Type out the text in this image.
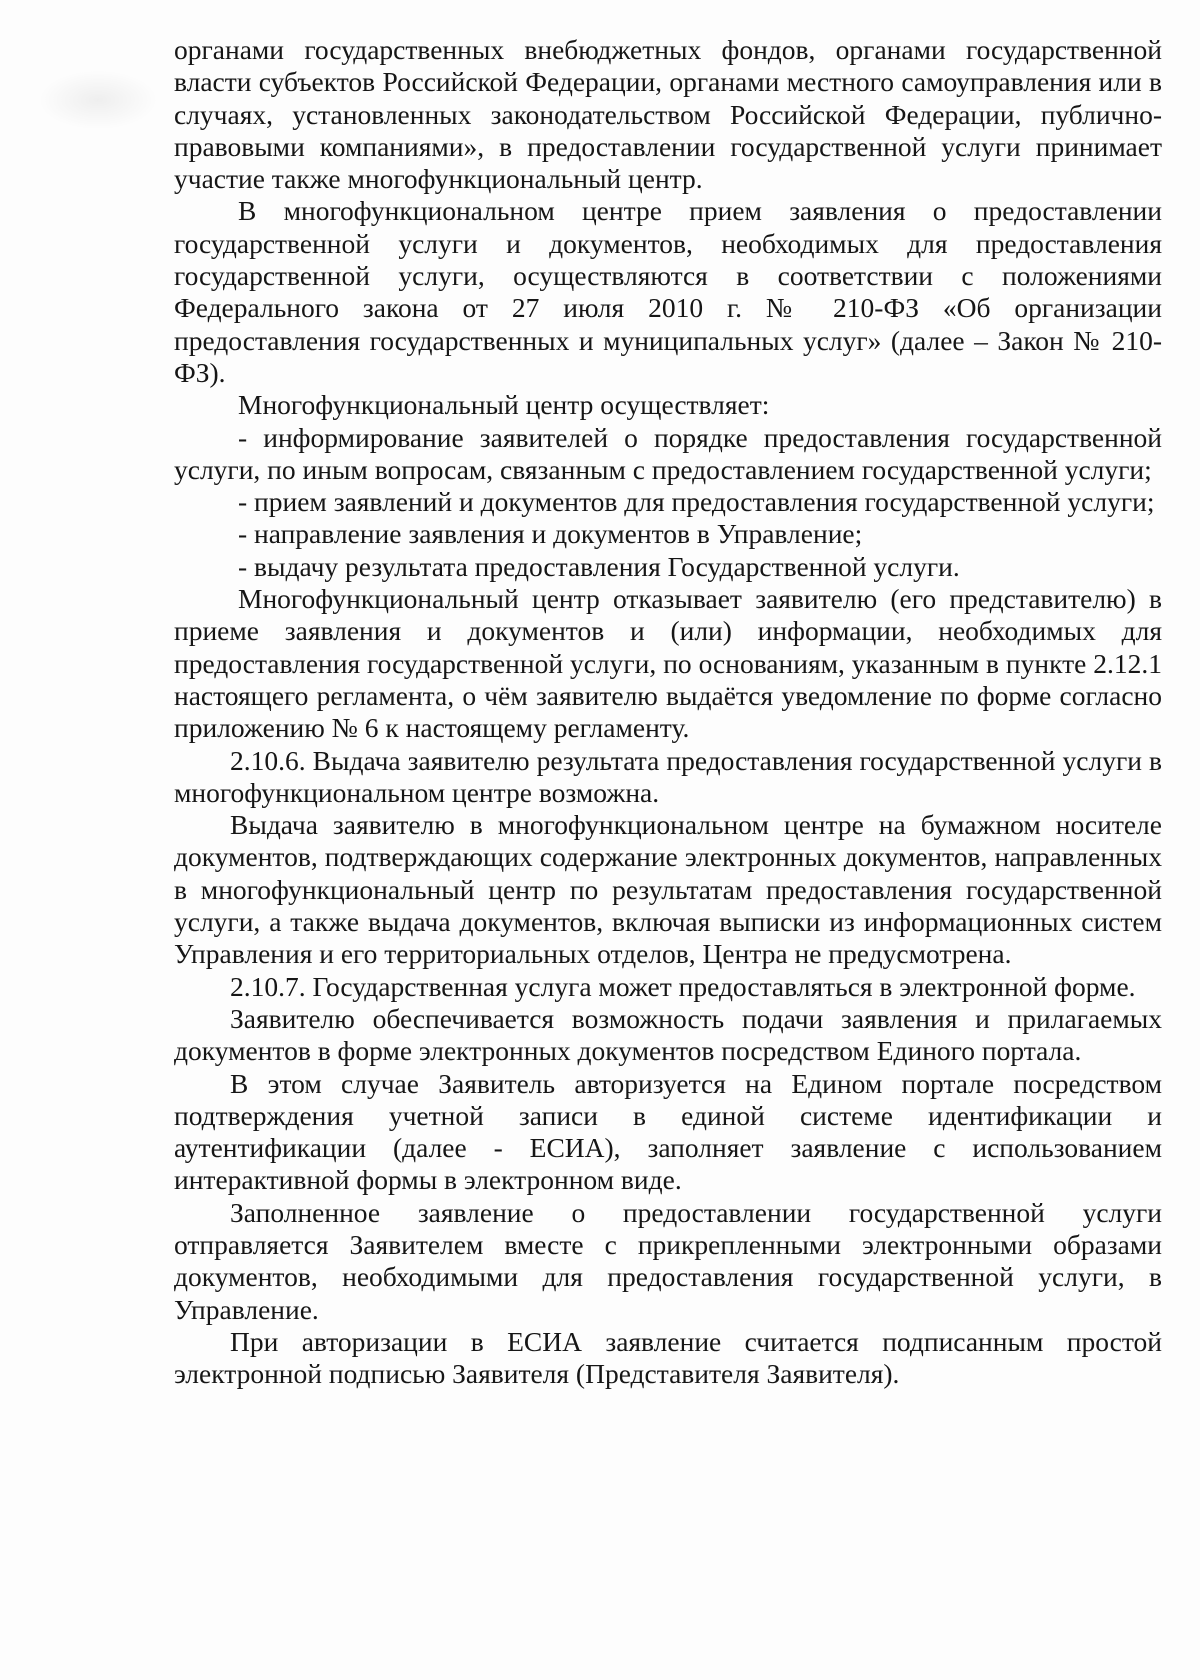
органами государственных внебюджетных фондов, органами государственной власти субъектов Российской Федерации, органами местного самоуправления или в случаях, установленных законодательством Российской Федерации, публично-правовыми компаниями», в предоставлении государственной услуги принимает участие также многофункциональный центр.

В многофункциональном центре прием заявления о предоставлении государственной услуги и документов, необходимых для предоставления государственной услуги, осуществляются в соответствии с положениями Федерального закона от 27 июля 2010 г. № 210-ФЗ «Об организации предоставления государственных и муниципальных услуг» (далее – Закон № 210-ФЗ).

Многофункциональный центр осуществляет:

- информирование заявителей о порядке предоставления государственной услуги, по иным вопросам, связанным с предоставлением государственной услуги;

- прием заявлений и документов для предоставления государственной услуги;

- направление заявления и документов в Управление;

- выдачу результата предоставления Государственной услуги.

Многофункциональный центр отказывает заявителю (его представителю) в приеме заявления и документов и (или) информации, необходимых для предоставления государственной услуги, по основаниям, указанным в пункте 2.12.1 настоящего регламента, о чём заявителю выдаётся уведомление по форме согласно приложению № 6 к настоящему регламенту.

2.10.6. Выдача заявителю результата предоставления государственной услуги в многофункциональном центре возможна.

Выдача заявителю в многофункциональном центре на бумажном носителе документов, подтверждающих содержание электронных документов, направленных в многофункциональный центр по результатам предоставления государственной услуги, а также выдача документов, включая выписки из информационных систем Управления и его территориальных отделов, Центра не предусмотрена.

2.10.7. Государственная услуга может предоставляться в электронной форме.

Заявителю обеспечивается возможность подачи заявления и прилагаемых документов в форме электронных документов посредством Единого портала.

В этом случае Заявитель авторизуется на Едином портале посредством подтверждения учетной записи в единой системе идентификации и аутентификации (далее - ЕСИА), заполняет заявление с использованием интерактивной формы в электронном виде.

Заполненное заявление о предоставлении государственной услуги отправляется Заявителем вместе с прикрепленными электронными образами документов, необходимыми для предоставления государственной услуги, в Управление.

При авторизации в ЕСИА заявление считается подписанным простой электронной подписью Заявителя (Представителя Заявителя).
